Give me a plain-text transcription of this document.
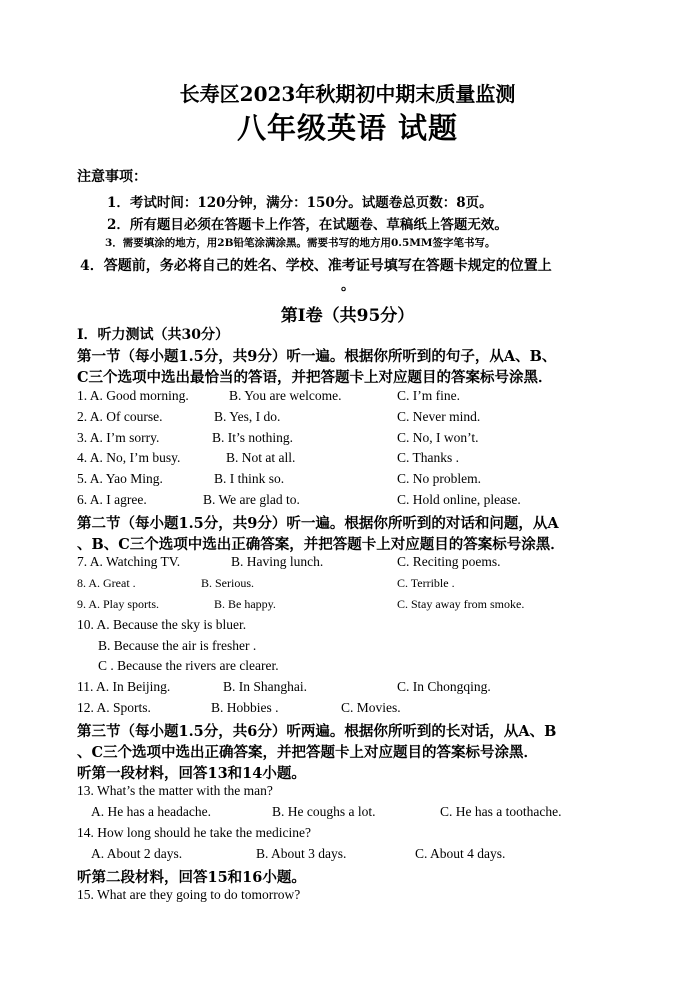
长寿区2023年秋期初中期末质量监测
八年级英语 试题
注意事项：
1．考试时间：120分钟，满分：150分。试题卷总页数：8页。
2．所有题目必须在答题卡上作答，在试题卷、草稿纸上答题无效。
3．需要填涂的地方，用2B铅笔涂满涂黑。需要书写的地方用0.5MM签字笔书写。
4．答题前，务必将自己的姓名、学校、准考证号填写在答题卡规定的位置上
。
第Ⅰ卷（共95分）
Ⅰ．听力测试（共30分）
第一节（每小题1.5分，共9分）听一遍。根据你所听到的句子，从A、B、
C三个选项中选出最恰当的答语，并把答题卡上对应题目的答案标号涂黑．
1. A. Good morning.	B. You are welcome.	C. I’m fine.
2. A. Of course.	B. Yes, I do.	C. Never mind.
3. A. I’m sorry.	B. It’s nothing.	C. No, I won’t.
4. A. No, I’m busy.	B. Not at all.	C. Thanks .
5. A. Yao Ming.	B. I think so.	C. No problem.
6. A. I agree.	B. We are glad to.	C. Hold online, please.
第二节（每小题1.5分，共9分）听一遍。根据你所听到的对话和问题，从A
、B、C三个选项中选出正确答案，并把答题卡上对应题目的答案标号涂黑．
7. A. Watching TV.	B. Having lunch.	C. Reciting poems.
8. A. Great .	B. Serious.	C. Terrible .
9. A. Play sports.	B. Be happy.	C. Stay away from smoke.
10. A. Because the sky is bluer.
B. Because the air is fresher .
C . Because the rivers are clearer.
11. A. In Beijing.	B. In Shanghai.	C. In Chongqing.
12. A. Sports.	B. Hobbies .	C. Movies.
第三节（每小题1.5分，共6分）听两遍。根据你所听到的长对话，从A、B
、C三个选项中选出正确答案，并把答题卡上对应题目的答案标号涂黑．
听第一段材料，回答13和14小题。
13. What’s the matter with the man?
A. He has a headache.	B. He coughs a lot.	C. He has a toothache.
14. How long should he take the medicine?
A. About 2 days.	B. About 3 days.	C. About 4 days.
听第二段材料，回答15和16小题。
15. What are they going to do tomorrow?
